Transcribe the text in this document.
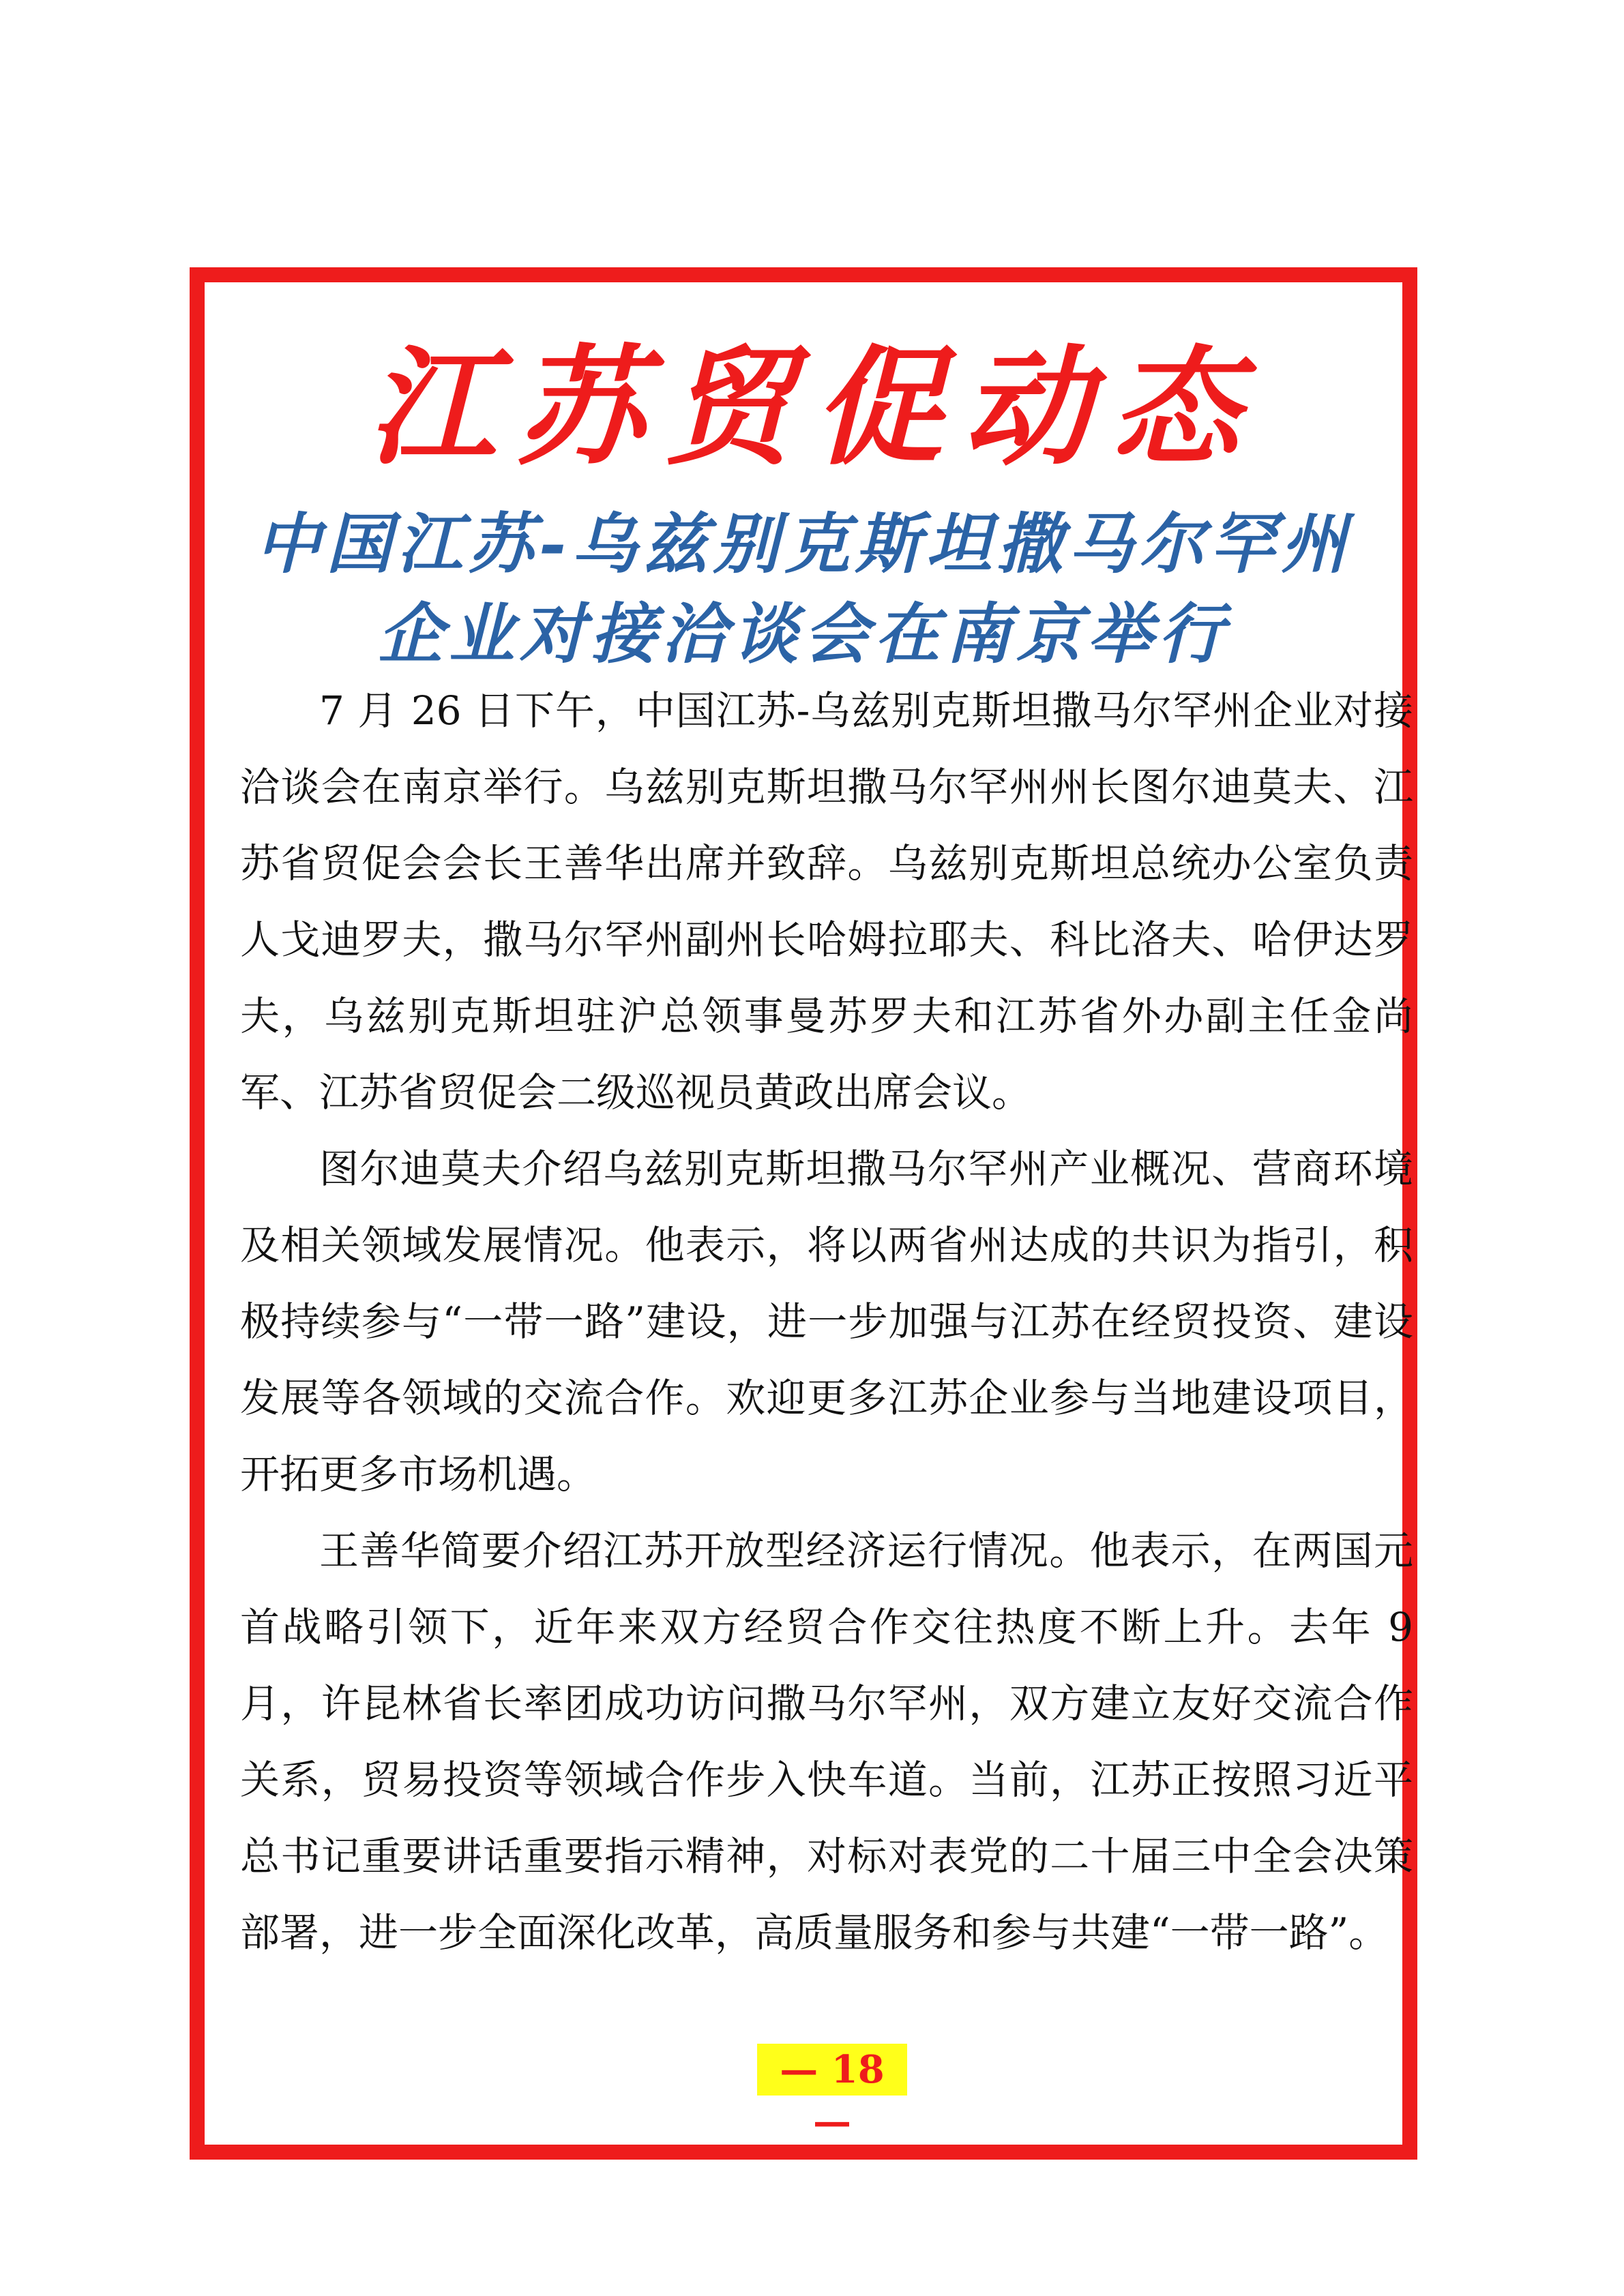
江苏贸促动态
中国江苏-乌兹别克斯坦撒马尔罕州
企业对接洽谈会在南京举行

7 月 26 日下午，中国江苏-乌兹别克斯坦撒马尔罕州企业对接洽谈会在南京举行。乌兹别克斯坦撒马尔罕州州长图尔迪莫夫、江苏省贸促会会长王善华出席并致辞。乌兹别克斯坦总统办公室负责人戈迪罗夫，撒马尔罕州副州长哈姆拉耶夫、科比洛夫、哈伊达罗夫，乌兹别克斯坦驻沪总领事曼苏罗夫和江苏省外办副主任金尚军、江苏省贸促会二级巡视员黄政出席会议。

图尔迪莫夫介绍乌兹别克斯坦撒马尔罕州产业概况、营商环境及相关领域发展情况。他表示，将以两省州达成的共识为指引，积极持续参与“一带一路”建设，进一步加强与江苏在经贸投资、建设发展等各领域的交流合作。欢迎更多江苏企业参与当地建设项目，开拓更多市场机遇。

王善华简要介绍江苏开放型经济运行情况。他表示，在两国元首战略引领下，近年来双方经贸合作交往热度不断上升。去年 9 月，许昆林省长率团成功访问撒马尔罕州，双方建立友好交流合作关系，贸易投资等领域合作步入快车道。当前，江苏正按照习近平总书记重要讲话重要指示精神，对标对表党的二十届三中全会决策部署，进一步全面深化改革，高质量服务和参与共建“一带一路”。

— 18 —
